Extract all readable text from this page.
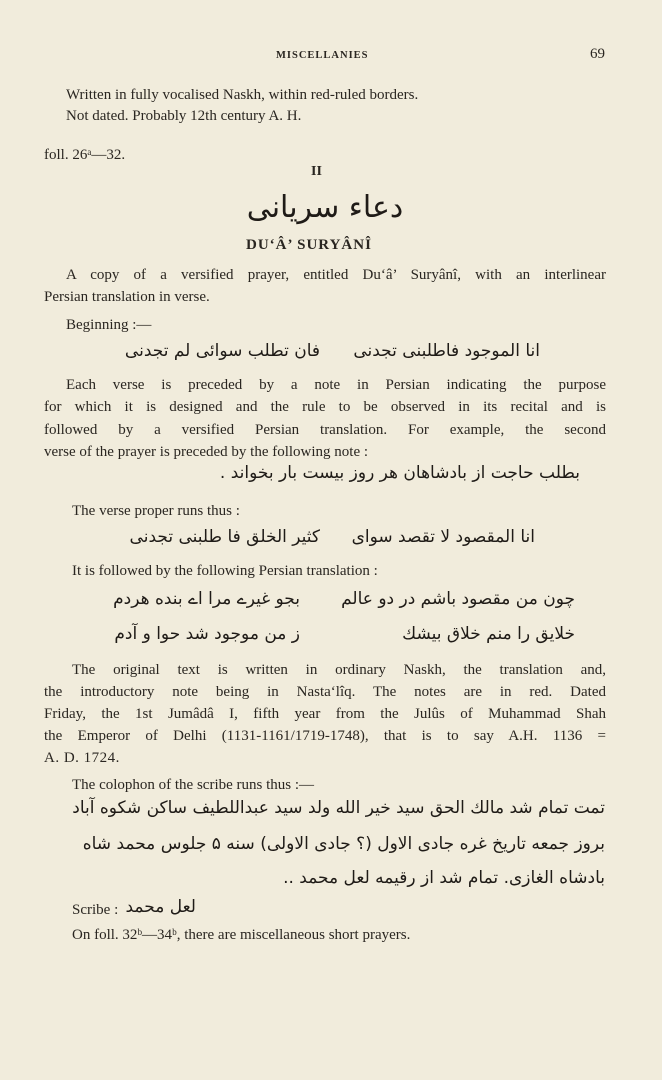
MISCELLANIES	69
Written in fully vocalised Naskh, within red-ruled borders.
Not dated. Probably 12th century A. H.
foll. 26ᵃ—32.
II
دعاء سریانی
DU‘Â’ SURYÂNÎ
A copy of a versified prayer, entitled Du‘â’ Suryânî, with an interlinear
Persian translation in verse.
Beginning :—
انا الموجود فاطلبنی تجدنی
فان تطلب سوائی لم تجدنی
Each verse is preceded by a note in Persian indicating the purpose
for which it is designed and the rule to be observed in its recital and is
followed by a versified Persian translation. For example, the second
verse of the prayer is preceded by the following note :
بطلب حاجت از بادشاهان هر روز بیست بار بخواند .
The verse proper runs thus :
انا المقصود لا تقصد سوای
کثیر الخلق فا طلبنی تجدنی
It is followed by the following Persian translation :
چون من مقصود باشم در دو عالم
بجو غیرے مرا اے بنده هردم
خلایق را منم خلاق بیشك
ز من موجود شد حوا و آدم
The original text is written in ordinary Naskh, the translation and,
the introductory note being in Nasta‘lîq. The notes are in red. Dated
Friday, the 1st Jumâdâ I, fifth year from the Julûs of Muhammad Shah
the Emperor of Delhi (1131-1161/1719-1748), that is to say A.H. 1136 =
A. D. 1724.
The colophon of the scribe runs thus :—
تمت تمام شد مالك الحق سید خیر الله ولد سید عبداللطیف ساکن شکوه آباد
بروز جمعه تاریخ غره جادی الاول (؟ جادی الاولی) سنه ۵ جلوس محمد شاه
بادشاه الغازی. تمام شد از رقیمه لعل محمد ..
Scribe : لعل محمد
On foll. 32ᵇ—34ᵇ, there are miscellaneous short prayers.
